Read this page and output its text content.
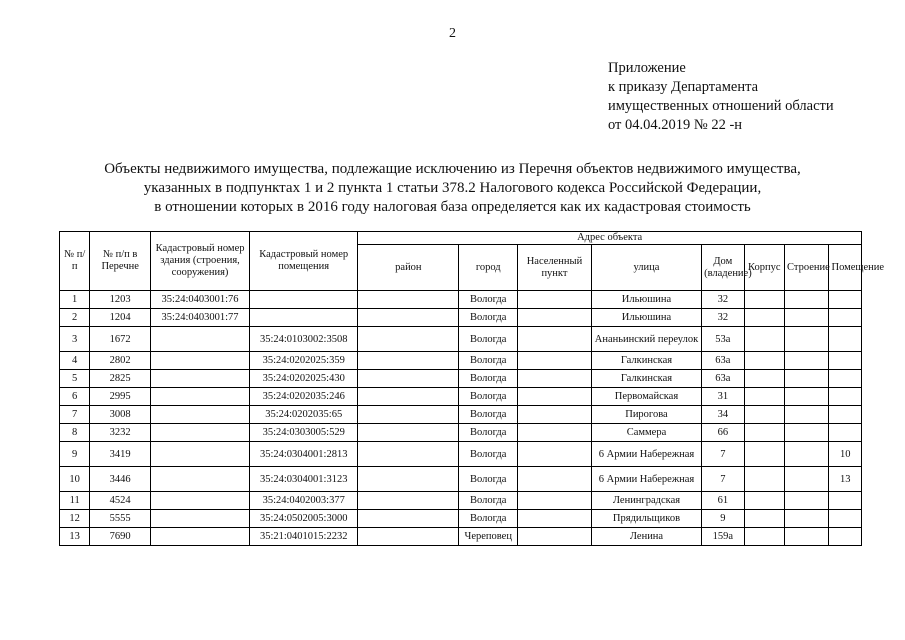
2
Приложение
к приказу Департамента
имущественных отношений области
от 04.04.2019 № 22 -н
Объекты недвижимого имущества, подлежащие исключению из Перечня объектов недвижимого имущества,
указанных в подпунктах 1 и 2 пункта 1 статьи 378.2 Налогового кодекса Российской Федерации,
в отношении которых в 2016 году налоговая база определяется как их кадастровая стоимость
№ п/п	№ п/п в Перечне	Кадастровый номер здания (строения, сооружения)	Кадастровый номер помещения	Адрес объекта							
				район	город	Населенный пункт	улица	Дом (владение)	Корпус	Строение	Помещение
1	1203	35:24:0403001:76			Вологда		Ильюшина	32			
2	1204	35:24:0403001:77			Вологда		Ильюшина	32			
3	1672		35:24:0103002:3508		Вологда		Ананьинский переулок	53а			
4	2802		35:24:0202025:359		Вологда		Галкинская	63а			
5	2825		35:24:0202025:430		Вологда		Галкинская	63а			
6	2995		35:24:0202035:246		Вологда		Первомайская	31			
7	3008		35:24:0202035:65		Вологда		Пирогова	34			
8	3232		35:24:0303005:529		Вологда		Саммера	66			
9	3419		35:24:0304001:2813		Вологда		6 Армии Набережная	7			10
10	3446		35:24:0304001:3123		Вологда		6 Армии Набережная	7			13
11	4524		35:24:0402003:377		Вологда		Ленинградская	61			
12	5555		35:24:0502005:3000		Вологда		Прядильщиков	9			
13	7690		35:21:0401015:2232		Череповец		Ленина	159а			
